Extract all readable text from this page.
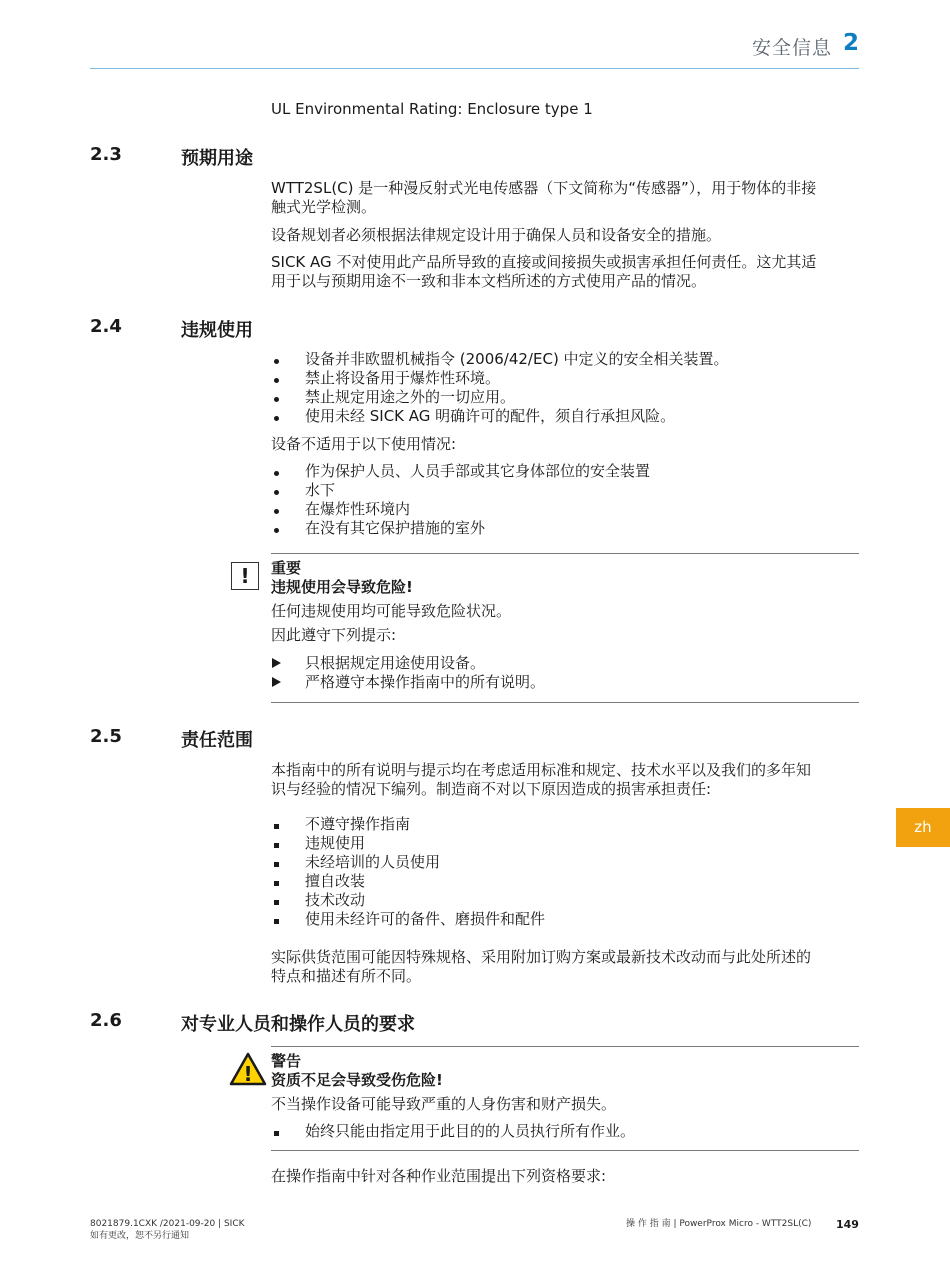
安全信息 2
UL Environmental Rating: Enclosure type 1
2.3	预期用途
WTT2SL(C) 是一种漫反射式光电传感器（下文简称为“传感器”），用于物体的非接
触式光学检测。
设备规划者必须根据法律规定设计用于确保人员和设备安全的措施。
SICK AG 不对使用此产品所导致的直接或间接损失或损害承担任何责任。这尤其适
用于以与预期用途不一致和非本文档所述的方式使用产品的情况。
2.4	违规使用
设备并非欧盟机械指令 (2006/42/EC) 中定义的安全相关装置。
禁止将设备用于爆炸性环境。
禁止规定用途之外的一切应用。
使用未经 SICK AG 明确许可的配件，须自行承担风险。
设备不适用于以下使用情况:
作为保护人员、人员手部或其它身体部位的安全装置
水下
在爆炸性环境内
在没有其它保护措施的室外
!	重要
违规使用会导致危险!
任何违规使用均可能导致危险状况。
因此遵守下列提示:
只根据规定用途使用设备。
严格遵守本操作指南中的所有说明。
2.5	责任范围
本指南中的所有说明与提示均在考虑适用标准和规定、技术水平以及我们的多年知
识与经验的情况下编列。制造商不对以下原因造成的损害承担责任:
不遵守操作指南
违规使用
未经培训的人员使用
擅自改装
技术改动
使用未经许可的备件、磨损件和配件
实际供货范围可能因特殊规格、采用附加订购方案或最新技术改动而与此处所述的
特点和描述有所不同。
2.6	对专业人员和操作人员的要求
!
警告
资质不足会导致受伤危险!
不当操作设备可能导致严重的人身伤害和财产损失。
始终只能由指定用于此目的的人员执行所有作业。
在操作指南中针对各种作业范围提出下列资格要求:
zh
8021879.1CXK /2021-09-20 | SICK
如有更改，恕不另行通知
操 作 指 南 | PowerProx Micro - WTT2SL(C) 149
